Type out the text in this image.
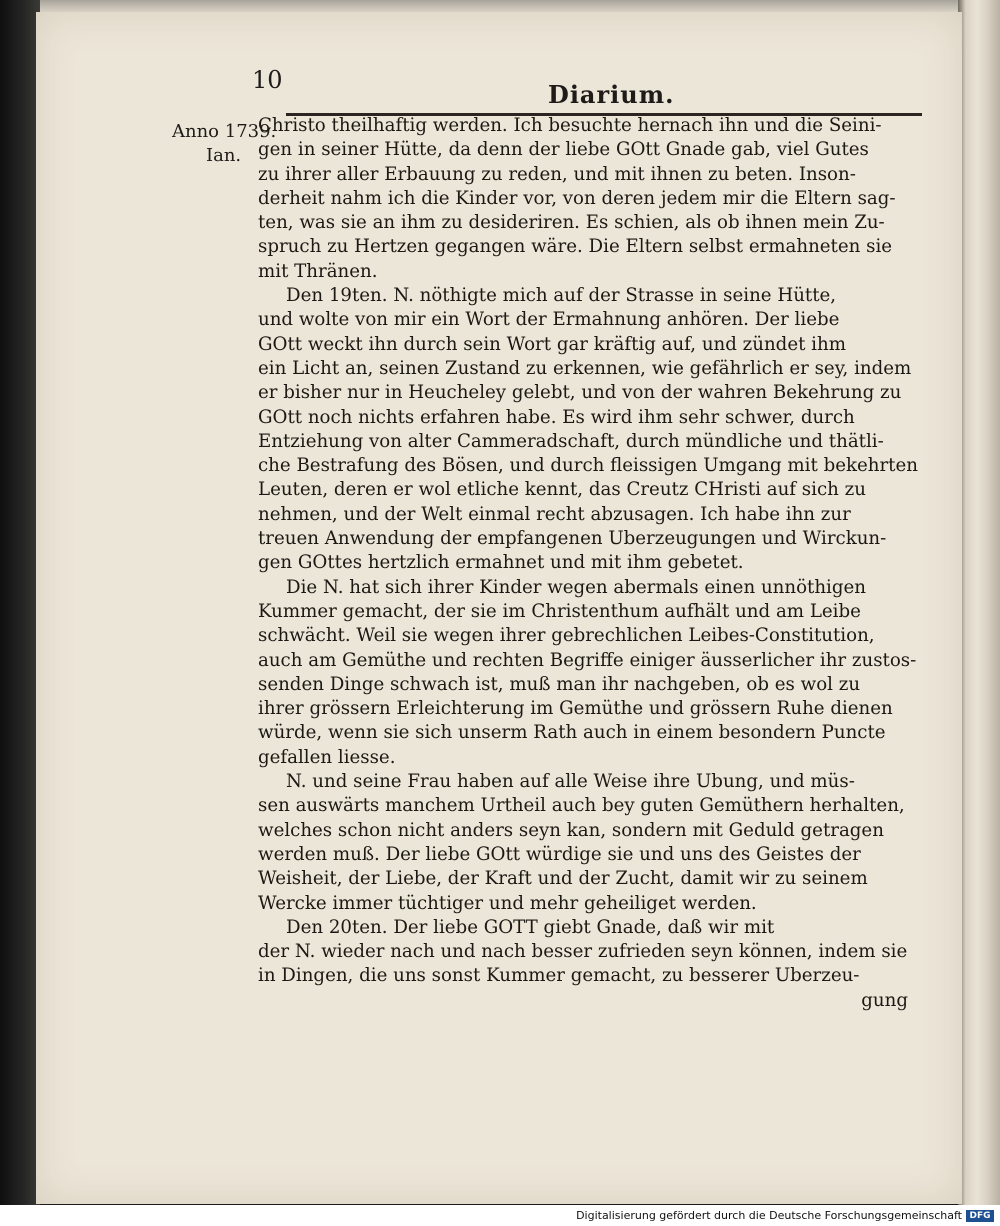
10	Diarium.
Anno 1739.
Ian.
Christo theilhaftig werden. Ich besuchte hernach ihn und die Seini-
gen in seiner Hütte, da denn der liebe GOtt Gnade gab, viel Gutes
zu ihrer aller Erbauung zu reden, und mit ihnen zu beten. Inson-
derheit nahm ich die Kinder vor, von deren jedem mir die Eltern sag-
ten, was sie an ihm zu desideriren. Es schien, als ob ihnen mein Zu-
spruch zu Hertzen gegangen wäre. Die Eltern selbst ermahneten sie
mit Thränen.
Den 19ten. N. nöthigte mich auf der Strasse in seine Hütte,
und wolte von mir ein Wort der Ermahnung anhören. Der liebe
GOtt weckt ihn durch sein Wort gar kräftig auf, und zündet ihm
ein Licht an, seinen Zustand zu erkennen, wie gefährlich er sey, indem
er bisher nur in Heucheley gelebt, und von der wahren Bekehrung zu
GOtt noch nichts erfahren habe. Es wird ihm sehr schwer, durch
Entziehung von alter Cammeradschaft, durch mündliche und thätli-
che Bestrafung des Bösen, und durch fleissigen Umgang mit bekehrten
Leuten, deren er wol etliche kennt, das Creutz CHristi auf sich zu
nehmen, und der Welt einmal recht abzusagen. Ich habe ihn zur
treuen Anwendung der empfangenen Uberzeugungen und Wirckun-
gen GOttes hertzlich ermahnet und mit ihm gebetet.
Die N. hat sich ihrer Kinder wegen abermals einen unnöthigen
Kummer gemacht, der sie im Christenthum aufhält und am Leibe
schwächt. Weil sie wegen ihrer gebrechlichen Leibes-Constitution,
auch am Gemüthe und rechten Begriffe einiger äusserlicher ihr zustos-
senden Dinge schwach ist, muß man ihr nachgeben, ob es wol zu
ihrer grössern Erleichterung im Gemüthe und grössern Ruhe dienen
würde, wenn sie sich unserm Rath auch in einem besondern Puncte
gefallen liesse.
N. und seine Frau haben auf alle Weise ihre Ubung, und müs-
sen auswärts manchem Urtheil auch bey guten Gemüthern herhalten,
welches schon nicht anders seyn kan, sondern mit Geduld getragen
werden muß. Der liebe GOtt würdige sie und uns des Geistes der
Weisheit, der Liebe, der Kraft und der Zucht, damit wir zu seinem
Wercke immer tüchtiger und mehr geheiliget werden.
Den 20ten. Der liebe GOTT giebt Gnade, daß wir mit
der N. wieder nach und nach besser zufrieden seyn können, indem sie
in Dingen, die uns sonst Kummer gemacht, zu besserer Uberzeu-
gung
Digitalisierung gefördert durch die Deutsche Forschungsgemeinschaft DFG
